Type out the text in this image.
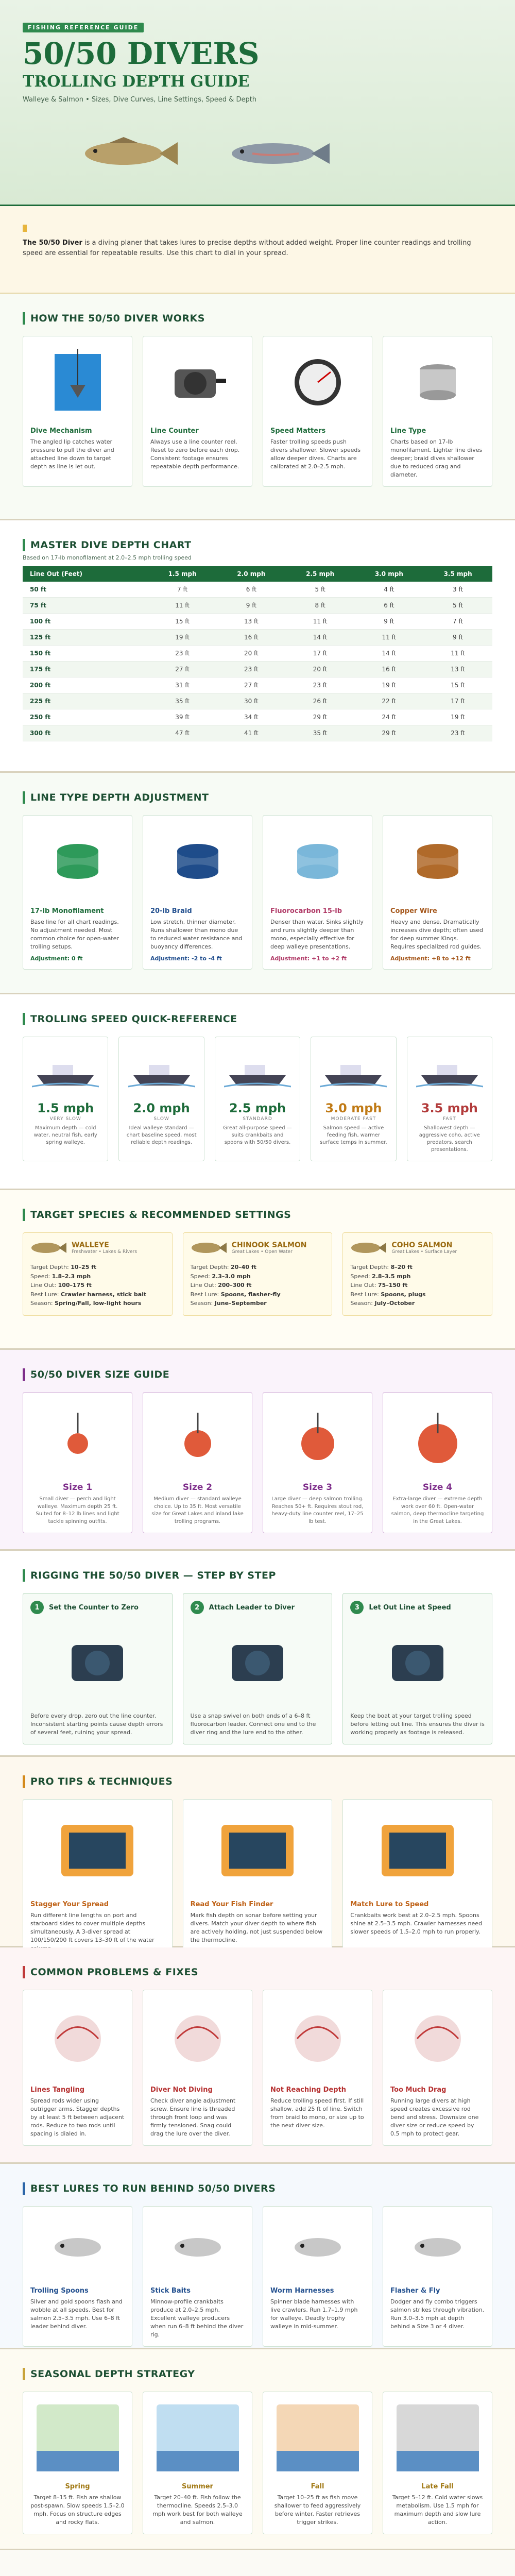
FISHING REFERENCE GUIDE
50/50 DIVERS
TROLLING DEPTH GUIDE
Walleye & Salmon • Sizes, Dive Curves, Line Settings, Speed & Depth

The 50/50 Diver is a diving planer that takes lures to precise depths without added weight. Proper line counter readings and trolling speed are essential for repeatable results. Use this chart to dial in your spread.

HOW THE 50/50 DIVER WORKS
Dive Mechanism

The angled lip catches water pressure to pull the diver and attached line down to target depth as line is let out.

Line Counter

Always use a line counter reel. Reset to zero before each drop. Consistent footage ensures repeatable depth performance.

Speed Matters

Faster trolling speeds push divers shallower. Slower speeds allow deeper dives. Charts are calibrated at 2.0–2.5 mph.

Line Type

Charts based on 17-lb monofilament. Lighter line dives deeper; braid dives shallower due to reduced drag and diameter.

MASTER DIVE DEPTH CHART
Based on 17-lb monofilament at 2.0–2.5 mph trolling speed
Line Out (Feet)	1.5 mph	2.0 mph	2.5 mph	3.0 mph	3.5 mph
50 ft	7 ft	6 ft	5 ft	4 ft	3 ft
75 ft	11 ft	9 ft	8 ft	6 ft	5 ft
100 ft	15 ft	13 ft	11 ft	9 ft	7 ft
125 ft	19 ft	16 ft	14 ft	11 ft	9 ft
150 ft	23 ft	20 ft	17 ft	14 ft	11 ft
175 ft	27 ft	23 ft	20 ft	16 ft	13 ft
200 ft	31 ft	27 ft	23 ft	19 ft	15 ft
225 ft	35 ft	30 ft	26 ft	22 ft	17 ft
250 ft	39 ft	34 ft	29 ft	24 ft	19 ft
300 ft	47 ft	41 ft	35 ft	29 ft	23 ft
LINE TYPE DEPTH ADJUSTMENT
17-lb Monofilament

Base line for all chart readings. No adjustment needed. Most common choice for open-water trolling setups.

Adjustment: 0 ft
20-lb Braid

Low stretch, thinner diameter. Runs shallower than mono due to reduced water resistance and buoyancy differences.

Adjustment: -2 to -4 ft
Fluorocarbon 15-lb

Denser than water. Sinks slightly and runs slightly deeper than mono, especially effective for deep walleye presentations.

Adjustment: +1 to +2 ft
Copper Wire

Heavy and dense. Dramatically increases dive depth; often used for deep summer Kings. Requires specialized rod guides.

Adjustment: +8 to +12 ft
TROLLING SPEED QUICK-REFERENCE
1.5 mph
VERY SLOW
Maximum depth — cold water, neutral fish, early spring walleye.
2.0 mph
SLOW
Ideal walleye standard — chart baseline speed, most reliable depth readings.
2.5 mph
STANDARD
Great all-purpose speed — suits crankbaits and spoons with 50/50 divers.
3.0 mph
MODERATE FAST
Salmon speed — active feeding fish, warmer surface temps in summer.
3.5 mph
FAST
Shallowest depth — aggressive coho, active predators, search presentations.
TARGET SPECIES & RECOMMENDED SETTINGS
WALLEYE
Freshwater • Lakes & Rivers

Target Depth: 10–25 ft

Speed: 1.8–2.3 mph

Line Out: 100–175 ft

Best Lure: Crawler harness, stick bait

Season: Spring/Fall, low-light hours

CHINOOK SALMON
Great Lakes • Open Water

Target Depth: 20–40 ft

Speed: 2.3–3.0 mph

Line Out: 200–300 ft

Best Lure: Spoons, flasher-fly

Season: June–September

COHO SALMON
Great Lakes • Surface Layer

Target Depth: 8–20 ft

Speed: 2.8–3.5 mph

Line Out: 75–150 ft

Best Lure: Spoons, plugs

Season: July–October

50/50 DIVER SIZE GUIDE
Size 1

Small diver — perch and light walleye. Maximum depth 25 ft. Suited for 8–12 lb lines and light tackle spinning outfits.

Size 2

Medium diver — standard walleye choice. Up to 35 ft. Most versatile size for Great Lakes and inland lake trolling programs.

Size 3

Large diver — deep salmon trolling. Reaches 50+ ft. Requires stout rod, heavy-duty line counter reel, 17–25 lb test.

Size 4

Extra-large diver — extreme depth work over 60 ft. Open-water salmon, deep thermocline targeting in the Great Lakes.

RIGGING THE 50/50 DIVER — STEP BY STEP
1	Set the Counter to Zero

Before every drop, zero out the line counter. Inconsistent starting points cause depth errors of several feet, ruining your spread.

2	Attach Leader to Diver

Use a snap swivel on both ends of a 6–8 ft fluorocarbon leader. Connect one end to the diver ring and the lure end to the other.

3	Let Out Line at Speed

Keep the boat at your target trolling speed before letting out line. This ensures the diver is working properly as footage is released.

PRO TIPS & TECHNIQUES
Stagger Your Spread

Run different line lengths on port and starboard sides to cover multiple depths simultaneously. A 3-diver spread at 100/150/200 ft covers 13–30 ft of the water

Read Your Fish Finder

Mark fish depth on sonar before setting your divers. Match your diver depth to where fish are actively holding, not just suspended below the thermocline.

Match Lure to Speed

Crankbaits work best at 2.0–2.5 mph. Spoons shine at 2.5–3.5 mph. Crawler harnesses need slower speeds of 1.5–2.0 mph to run properly.

COMMON PROBLEMS & FIXES
Lines Tangling

Spread rods wider using outrigger arms. Stagger depths by at least 5 ft between adjacent rods. Reduce to two rods until spacing is dialed in.

Diver Not Diving

Check diver angle adjustment screw. Ensure line is threaded through front loop and was firmly tensioned. Snag could drag the lure over the diver.

Not Reaching Depth

Reduce trolling speed first. If still shallow, add 25 ft of line. Switch from braid to mono, or size up to the next diver size.

Too Much Drag

Running large divers at high speed creates excessive rod bend and stress. Downsize one diver size or reduce speed by 0.5 mph to protect gear.

BEST LURES TO RUN BEHIND 50/50 DIVERS
Trolling Spoons

Silver and gold spoons flash and wobble at all speeds. Best for salmon 2.5–3.5 mph. Use 6–8 ft leader behind diver.

Stick Baits

Minnow-profile crankbaits produce at 2.0–2.5 mph. Excellent walleye producers when run 6–8 ft behind the diver rig.

Worm Harnesses

Spinner blade harnesses with live crawlers. Run 1.7–1.9 mph for walleye. Deadly trophy walleye in mid-summer.

Flasher & Fly

Dodger and fly combo triggers salmon strikes through vibration. Run 3.0–3.5 mph at depth behind a Size 3 or 4 diver.

SEASONAL DEPTH STRATEGY
Spring

Target 8–15 ft. Fish are shallow post-spawn. Slow speeds 1.5–2.0 mph. Focus on structure edges and rocky flats.

Summer

Target 20–40 ft. Fish follow the thermocline. Speeds 2.5–3.0 mph work best for both walleye and salmon.

Fall

Target 10–25 ft as fish move shallower to feed aggressively before winter. Faster retrieves trigger strikes.

Late Fall

Target 5–12 ft. Cold water slows metabolism. Use 1.5 mph for maximum depth and slow lure action.
